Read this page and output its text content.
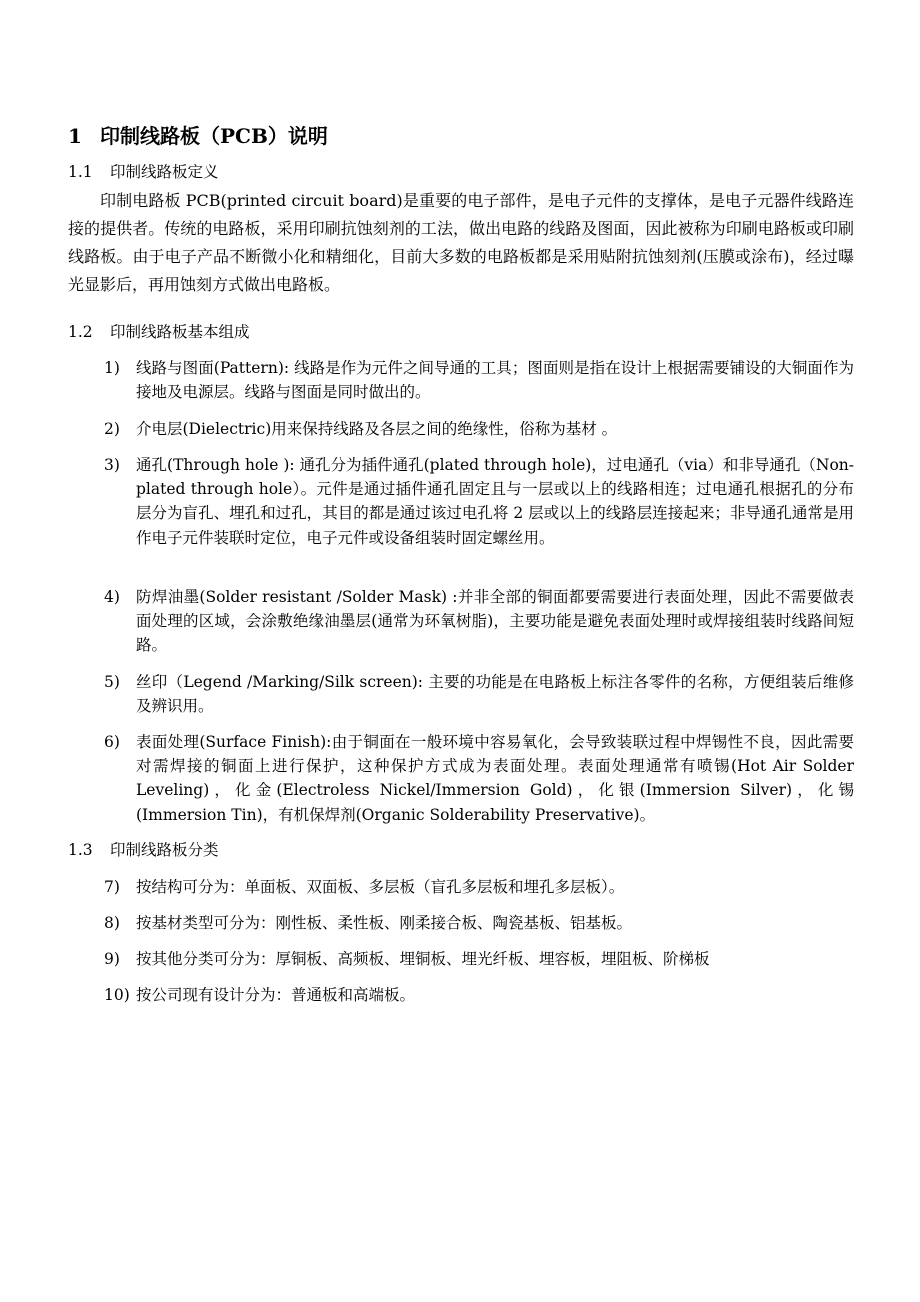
1 印制线路板（PCB）说明
1.1 印制线路板定义

印制电路板 PCB(printed circuit board)是重要的电子部件，是电子元件的支撑体，是电子元器件线路连接的提供者。传统的电路板，采用印刷抗蚀刻剂的工法，做出电路的线路及图面，因此被称为印刷电路板或印刷线路板。由于电子产品不断微小化和精细化，目前大多数的电路板都是采用贴附抗蚀刻剂(压膜或涂布)，经过曝光显影后，再用蚀刻方式做出电路板。

1.2 印制线路板基本组成
1) 线路与图面(Pattern): 线路是作为元件之间导通的工具；图面则是指在设计上根据需要铺设的大铜面作为接地及电源层。线路与图面是同时做出的。
2) 介电层(Dielectric)用来保持线路及各层之间的绝缘性，俗称为基材 。
3) 通孔(Through hole ): 通孔分为插件通孔(plated through hole)，过电通孔（via）和非导通孔（Non-plated through hole）。元件是通过插件通孔固定且与一层或以上的线路相连；过电通孔根据孔的分布层分为盲孔、埋孔和过孔，其目的都是通过该过电孔将 2 层或以上的线路层连接起来；非导通孔通常是用作电子元件装联时定位，电子元件或设备组装时固定螺丝用。
4) 防焊油墨(Solder resistant /Solder Mask) :并非全部的铜面都要需要进行表面处理，因此不需要做表面处理的区域，会涂敷绝缘油墨层(通常为环氧树脂)，主要功能是避免表面处理时或焊接组装时线路间短路。
5) 丝印（Legend /Marking/Silk screen): 主要的功能是在电路板上标注各零件的名称，方便组装后维修及辨识用。
6) 表面处理(Surface Finish):由于铜面在一般环境中容易氧化，会导致装联过程中焊锡性不良，因此需要对需焊接的铜面上进行保护，这种保护方式成为表面处理。表面处理通常有喷锡(Hot Air Solder Leveling)，化金(Electroless Nickel/Immersion Gold)，化银(Immersion Silver)，化锡(Immersion Tin)，有机保焊剂(Organic Solderability Preservative)。
1.3 印制线路板分类
7) 按结构可分为：单面板、双面板、多层板（盲孔多层板和埋孔多层板）。
8) 按基材类型可分为：刚性板、柔性板、刚柔接合板、陶瓷基板、铝基板。
9) 按其他分类可分为：厚铜板、高频板、埋铜板、埋光纤板、埋容板，埋阻板、阶梯板
10) 按公司现有设计分为：普通板和高端板。
